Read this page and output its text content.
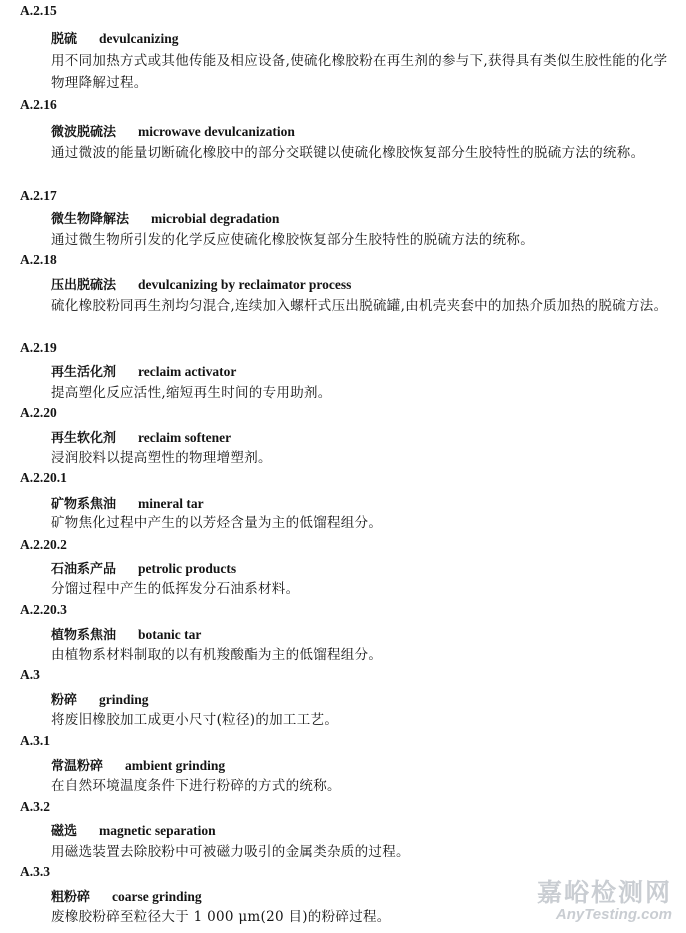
A.2.15
脱硫 devulcanizing
用不同加热方式或其他传能及相应设备,使硫化橡胶粉在再生剂的参与下,获得具有类似生胶性能的化学物理降解过程。
A.2.16
微波脱硫法 microwave devulcanization
通过微波的能量切断硫化橡胶中的部分交联键以使硫化橡胶恢复部分生胶特性的脱硫方法的统称。
A.2.17
微生物降解法 microbial degradation
通过微生物所引发的化学反应使硫化橡胶恢复部分生胶特性的脱硫方法的统称。
A.2.18
压出脱硫法 devulcanizing by reclaimator process
硫化橡胶粉同再生剂均匀混合,连续加入螺杆式压出脱硫罐,由机壳夹套中的加热介质加热的脱硫方法。
A.2.19
再生活化剂 reclaim activator
提高塑化反应活性,缩短再生时间的专用助剂。
A.2.20
再生软化剂 reclaim softener
浸润胶料以提高塑性的物理增塑剂。
A.2.20.1
矿物系焦油 mineral tar
矿物焦化过程中产生的以芳烃含量为主的低馏程组分。
A.2.20.2
石油系产品 petrolic products
分馏过程中产生的低挥发分石油系材料。
A.2.20.3
植物系焦油 botanic tar
由植物系材料制取的以有机羧酸酯为主的低馏程组分。
A.3
粉碎 grinding
将废旧橡胶加工成更小尺寸(粒径)的加工工艺。
A.3.1
常温粉碎 ambient grinding
在自然环境温度条件下进行粉碎的方式的统称。
A.3.2
磁选 magnetic separation
用磁选装置去除胶粉中可被磁力吸引的金属类杂质的过程。
A.3.3
粗粉碎 coarse grinding
废橡胶粉碎至粒径大于 1 000 μm(20 目)的粉碎过程。
嘉峪检测网
AnyTesting.com
